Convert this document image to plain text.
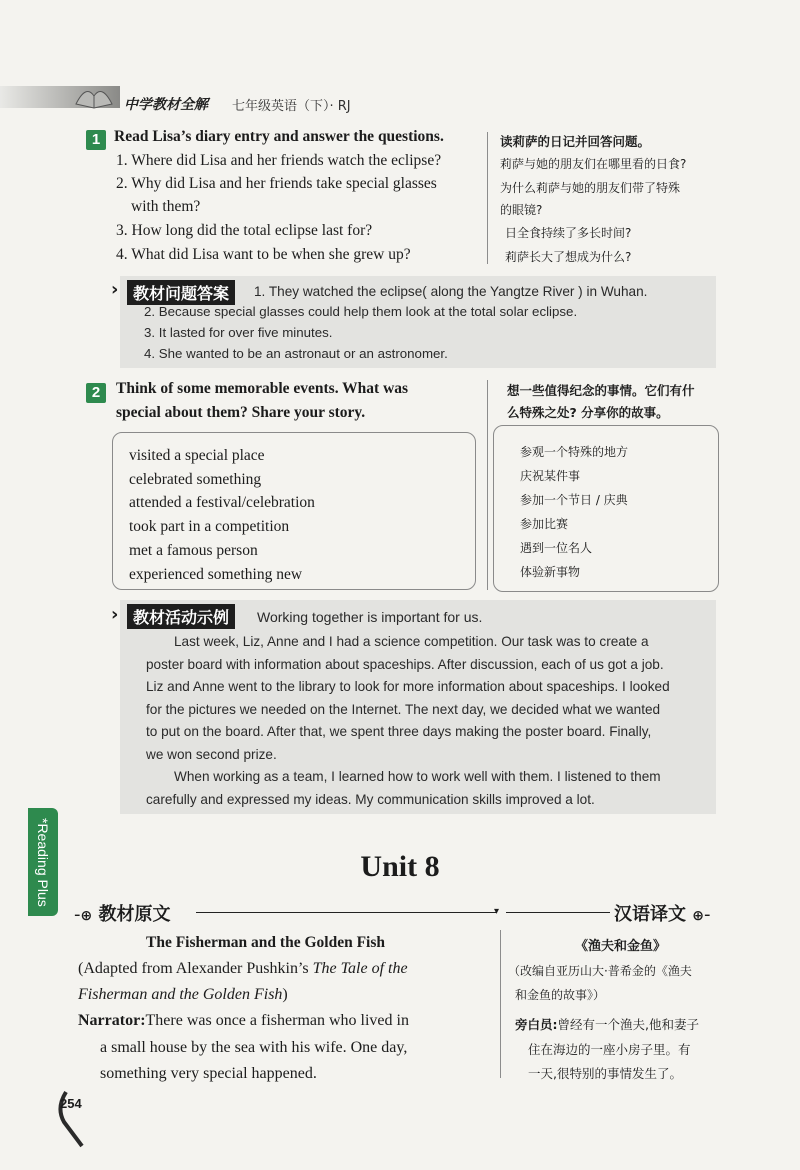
中学教材全解 七年级英语（下）· RJ
1 Read Lisa’s diary entry and answer the questions.
1. Where did Lisa and her friends watch the eclipse?
2. Why did Lisa and her friends take special glasses
with them?
3. How long did the total eclipse last for?
4. What did Lisa want to be when she grew up?
读莉萨的日记并回答问题。
莉萨与她的朋友们在哪里看的日食?
为什么莉萨与她的朋友们带了特殊
的眼镜?
日全食持续了多长时间?
莉萨长大了想成为什么?
› 教材问题答案	1. They watched the eclipse( along the Yangtze River ) in Wuhan.
2. Because special glasses could help them look at the total solar eclipse.
3. It lasted for over five minutes.
4. She wanted to be an astronaut or an astronomer.
2	Think of some memorable events. What was
special about them? Share your story.
想一些值得纪念的事情。它们有什
么特殊之处? 分享你的故事。
visited a special place
celebrated something
attended a festival/celebration
took part in a competition
met a famous person
experienced something new
参观一个特殊的地方
庆祝某件事
参加一个节日 / 庆典
参加比赛
遇到一位名人
体验新事物
› 教材活动示例	Working together is important for us.
Last week, Liz, Anne and I had a science competition. Our task was to create a
poster board with information about spaceships. After discussion, each of us got a job.
Liz and Anne went to the library to look for more information about spaceships. I looked
for the pictures we needed on the Internet. The next day, we decided what we wanted
to put on the board. After that, we spent three days making the poster board. Finally,
we won second prize.
When working as a team, I learned how to work well with them. I listened to them
carefully and expressed my ideas. My communication skills improved a lot.
*Reading Plus	Unit 8
-⊕ 教材原文	▾	汉语译文 ⊕-
The Fisherman and the Golden Fish
(Adapted from Alexander Pushkin’s The Tale of the
Fisherman and the Golden Fish)
Narrator:There was once a fisherman who lived in
a small house by the sea with his wife. One day,
something very special happened.
《渔夫和金鱼》
（改编自亚历山大·普希金的《渔夫
和金鱼的故事》）
旁白员:曾经有一个渔夫,他和妻子
住在海边的一座小房子里。有
一天,很特别的事情发生了。
254
